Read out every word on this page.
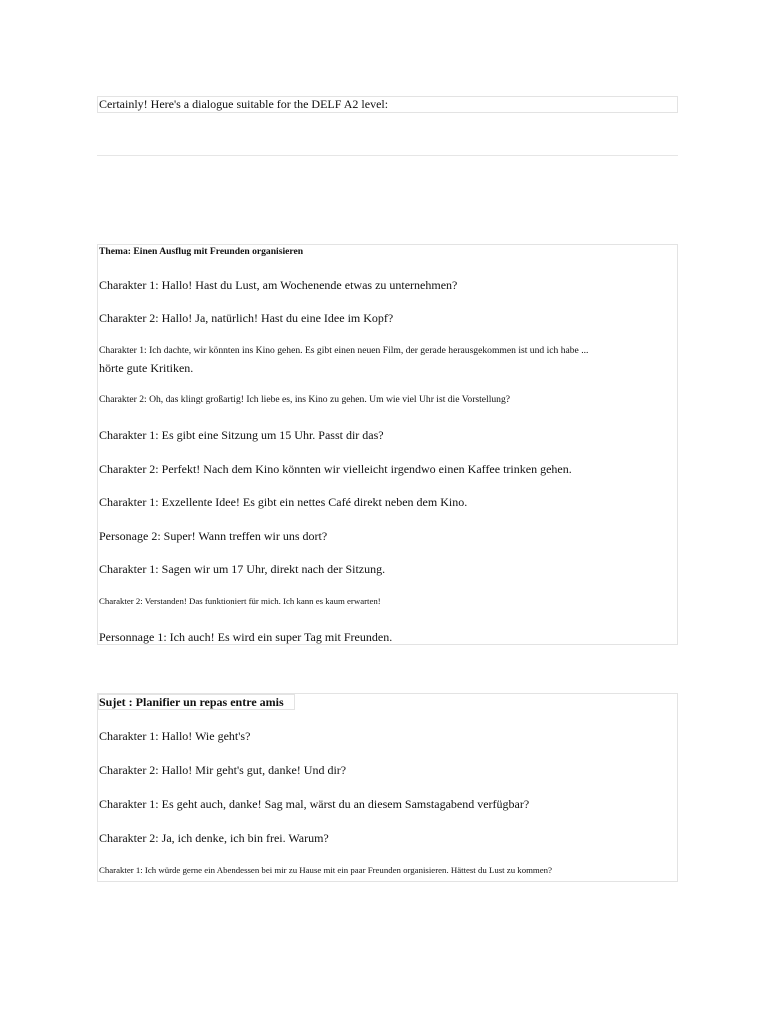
Certainly! Here's a dialogue suitable for the DELF A2 level:
Thema: Einen Ausflug mit Freunden organisieren
Charakter 1: Hallo! Hast du Lust, am Wochenende etwas zu unternehmen?
Charakter 2: Hallo! Ja, natürlich! Hast du eine Idee im Kopf?
Charakter 1: Ich dachte, wir könnten ins Kino gehen. Es gibt einen neuen Film, der gerade herausgekommen ist und ich habe ...
hörte gute Kritiken.
Charakter 2: Oh, das klingt großartig! Ich liebe es, ins Kino zu gehen. Um wie viel Uhr ist die Vorstellung?
Charakter 1: Es gibt eine Sitzung um 15 Uhr. Passt dir das?
Charakter 2: Perfekt! Nach dem Kino könnten wir vielleicht irgendwo einen Kaffee trinken gehen.
Charakter 1: Exzellente Idee! Es gibt ein nettes Café direkt neben dem Kino.
Personage 2: Super! Wann treffen wir uns dort?
Charakter 1: Sagen wir um 17 Uhr, direkt nach der Sitzung.
Charakter 2: Verstanden! Das funktioniert für mich. Ich kann es kaum erwarten!
Personnage 1: Ich auch! Es wird ein super Tag mit Freunden.
Sujet : Planifier un repas entre amis
Charakter 1: Hallo! Wie geht's?
Charakter 2: Hallo! Mir geht's gut, danke! Und dir?
Charakter 1: Es geht auch, danke! Sag mal, wärst du an diesem Samstagabend verfügbar?
Charakter 2: Ja, ich denke, ich bin frei. Warum?
Charakter 1: Ich würde gerne ein Abendessen bei mir zu Hause mit ein paar Freunden organisieren. Hättest du Lust zu kommen?
